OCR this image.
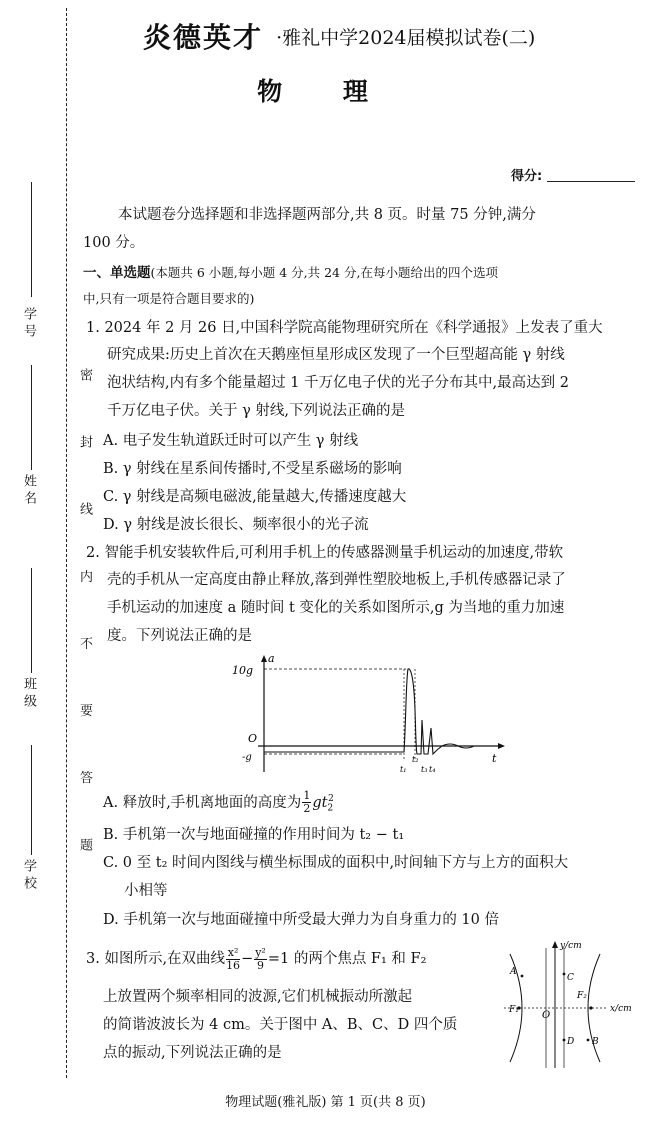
学 号
姓 名
班 级
学 校	密 封 线 内 不 要 答 题
炎德英才 ·雅礼中学2024届模拟试卷(二)
物 理
得分:
本试题卷分选择题和非选择题两部分,共 8 页。时量 75 分钟,满分
100 分。
一、单选题(本题共 6 小题,每小题 4 分,共 24 分,在每小题给出的四个选项
中,只有一项是符合题目要求的)
1. 2024 年 2 月 26 日,中国科学院高能物理研究所在《科学通报》上发表了重大
研究成果:历史上首次在天鹅座恒星形成区发现了一个巨型超高能 γ 射线
泡状结构,内有多个能量超过 1 千万亿电子伏的光子分布其中,最高达到 2
千万亿电子伏。关于 γ 射线,下列说法正确的是
A. 电子发生轨道跃迁时可以产生 γ 射线
B. γ 射线在星系间传播时,不受星系磁场的影响
C. γ 射线是高频电磁波,能量越大,传播速度越大
D. γ 射线是波长很长、频率很小的光子流
2. 智能手机安装软件后,可利用手机上的传感器测量手机运动的加速度,带软
壳的手机从一定高度由静止释放,落到弹性塑胶地板上,手机传感器记录了
手机运动的加速度 a 随时间 t 变化的关系如图所示,g 为当地的重力加速
度。下列说法正确的是
a
t
O
10g
-g
t₁
t₂
t₃ t₄
A. 释放时,手机离地面的高度为 $\frac{1}{2} gt_2^2$
B. 手机第一次与地面碰撞的作用时间为 t₂ − t₁
C. 0 至 t₂ 时间内图线与横坐标围成的面积中,时间轴下方与上方的面积大
小相等
D. 手机第一次与地面碰撞中所受最大弹力为自身重力的 10 倍
3. 如图所示,在双曲线 $\frac{\text{x²}}{16} - \frac{\text{y²}}{9} =1$ 的两个焦点 F₁ 和 F₂
上放置两个频率相同的波源,它们机械振动所激起
的简谐波波长为 4 cm。关于图中 A、B、C、D 四个质
点的振动,下列说法正确的是
y/cm
x/cm
O
F₁
F₂
A
B
C
D
物理试题(雅礼版) 第 1 页(共 8 页)
